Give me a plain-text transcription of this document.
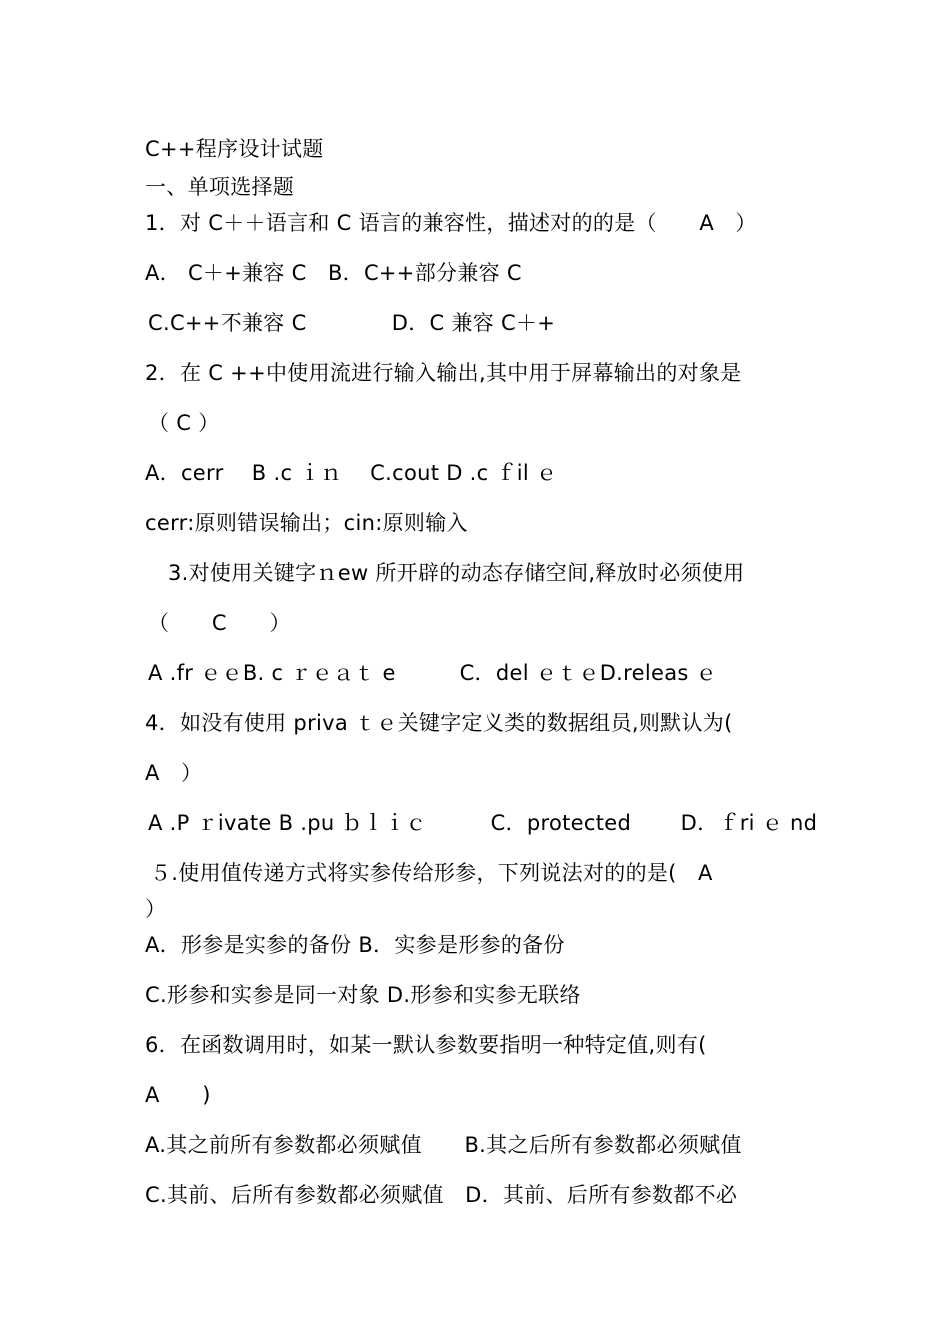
C++程序设计试题
一、单项选择题
1．对 C＋＋语言和 C 语言的兼容性，描述对的的是（　　A　）
A． C＋+兼容 C　B．C++部分兼容 C
C.C++不兼容 C　　　　D．C 兼容 C＋+
2．在 C ++中使用流进行输入输出,其中用于屏幕输出的对象是
（ C ）
A．cerr　 B .c ｉｎ　 C.cout D .c ｆil ｅ
cerr:原则错误输出；cin:原则输入
3.对使用关键字ｎew 所开辟的动态存储空间,释放时必须使用
（　　C　　）
A .fr ｅｅB. c ｒｅａｔ e　　　C．del ｅｔｅD.releas ｅ
4．如没有使用 priva ｔｅ关键字定义类的数据组员,则默认为(
A　）
A .P ｒivate B .pu ｂｌｉｃ　　　C．protected 　　D．ｆri ｅ nd
５.使用值传递方式将实参传给形参，下列说法对的的是(　A
）
A．形参是实参的备份 B．实参是形参的备份
C.形参和实参是同一对象 D.形参和实参无联络
6．在函数调用时，如某一默认参数要指明一种特定值,则有(
A　　)
A.其之前所有参数都必须赋值　　B.其之后所有参数都必须赋值
C.其前、后所有参数都必须赋值　D．其前、后所有参数都不必
